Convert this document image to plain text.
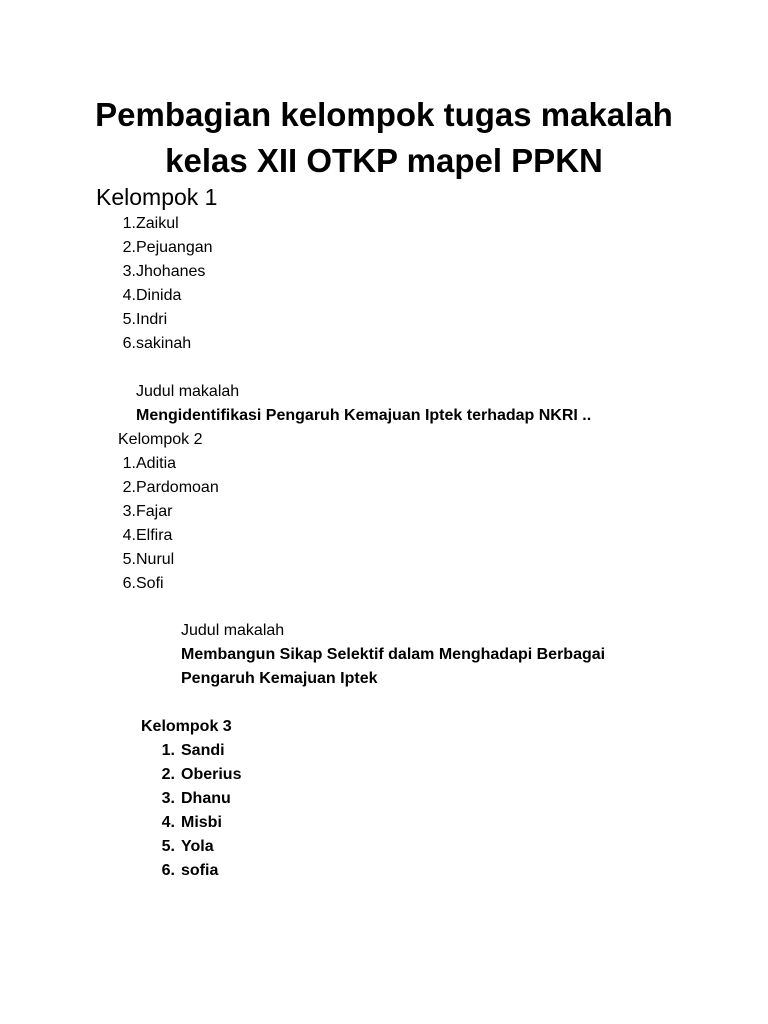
Pembagian kelompok tugas makalah
kelas XII OTKP mapel PPKN
Kelompok 1
1. Zaikul
2. Pejuangan
3. Jhohanes
4. Dinida
5. Indri
6. sakinah
Judul makalah
Mengidentifikasi Pengaruh Kemajuan Iptek terhadap NKRI ..
Kelompok 2
1. Aditia
2. Pardomoan
3. Fajar
4. Elfira
5. Nurul
6. Sofi
Judul makalah
Membangun Sikap Selektif dalam Menghadapi Berbagai
Pengaruh Kemajuan Iptek
Kelompok 3
1. Sandi
2. Oberius
3. Dhanu
4. Misbi
5. Yola
6. sofia
